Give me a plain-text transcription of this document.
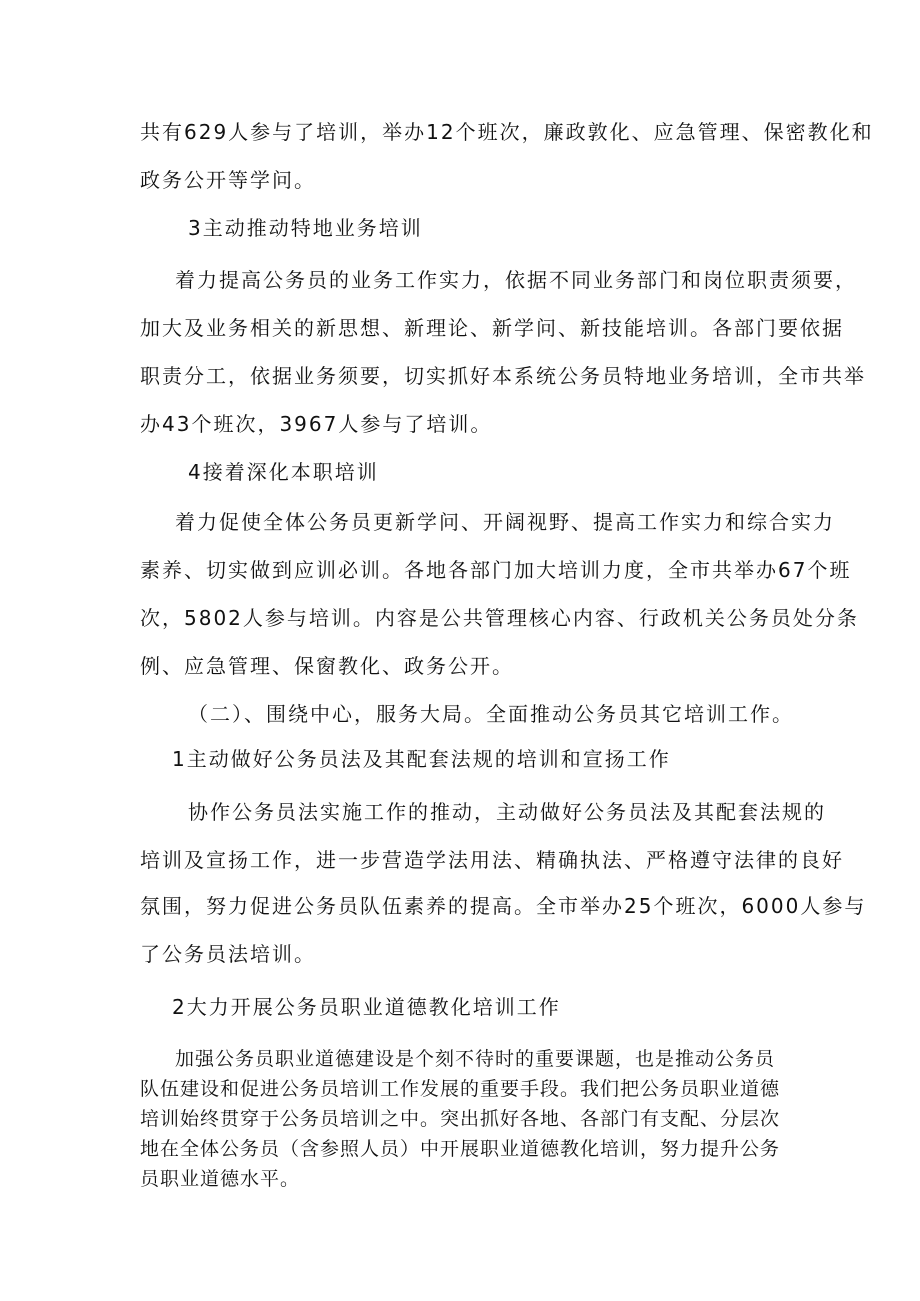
共有629人参与了培训，举办12个班次，廉政敦化、应急管理、保密教化和

政务公开等学问。

3主动推动特地业务培训

着力提高公务员的业务工作实力，依据不同业务部门和岗位职责须要，

加大及业务相关的新思想、新理论、新学问、新技能培训。各部门要依据

职责分工，依据业务须要，切实抓好本系统公务员特地业务培训，全市共举

办43个班次，3967人参与了培训。

4接着深化本职培训

着力促使全体公务员更新学问、开阔视野、提高工作实力和综合实力

素养、切实做到应训必训。各地各部门加大培训力度，全市共举办67个班

次，5802人参与培训。内容是公共管理核心内容、行政机关公务员处分条

例、应急管理、保窗教化、政务公开。

（二）、围绕中心，服务大局。全面推动公务员其它培训工作。

1主动做好公务员法及其配套法规的培训和宣扬工作

协作公务员法实施工作的推动，主动做好公务员法及其配套法规的

培训及宣扬工作，进一步营造学法用法、精确执法、严格遵守法律的良好

氛围，努力促进公务员队伍素养的提高。全市举办25个班次，6000人参与

了公务员法培训。

2大力开展公务员职业道德教化培训工作

加强公务员职业道德建设是个刻不待时的重要课题，也是推动公务员

队伍建设和促进公务员培训工作发展的重要手段。我们把公务员职业道德

培训始终贯穿于公务员培训之中。突出抓好各地、各部门有支配、分层次

地在全体公务员（含参照人员）中开展职业道德教化培训，努力提升公务

员职业道德水平。
